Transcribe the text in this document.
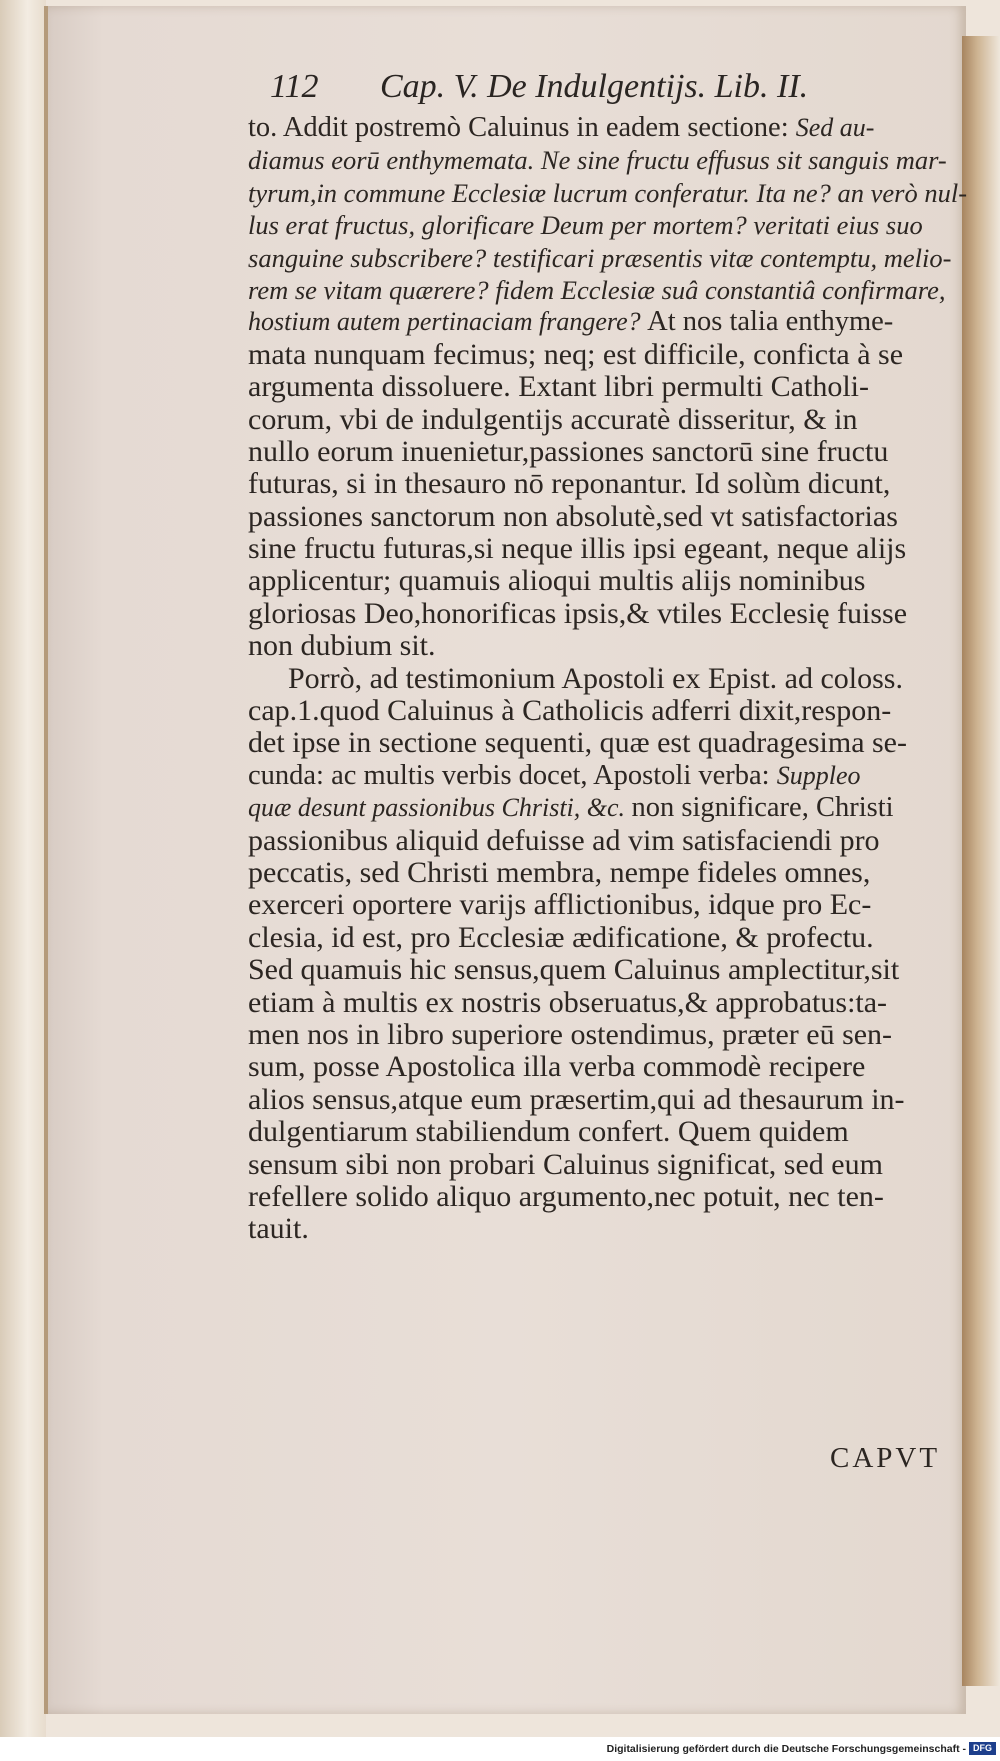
112 Cap. V. De Indulgentijs. Lib. II.
to. Addit postremò Caluinus in eadem sectione: Sed au-
diamus eorū enthymemata. Ne sine fructu effusus sit sanguis mar-
tyrum,in commune Ecclesiæ lucrum conferatur. Ita ne? an verò nul-
lus erat fructus, glorificare Deum per mortem? veritati eius suo
sanguine subscribere? testificari præsentis vitæ contemptu, melio-
rem se vitam quærere? fidem Ecclesiæ suâ constantiâ confirmare,
hostium autem pertinaciam frangere? At nos talia enthyme-
mata nunquam fecimus; neq; est difficile, conficta à se
argumenta dissoluere. Extant libri permulti Catholi-
corum, vbi de indulgentijs accuratè disseritur, & in
nullo eorum inuenietur,passiones sanctorū sine fructu
futuras, si in thesauro nō reponantur. Id solùm dicunt,
passiones sanctorum non absolutè,sed vt satisfactorias
sine fructu futuras,si neque illis ipsi egeant, neque alijs
applicentur; quamuis alioqui multis alijs nominibus
gloriosas Deo,honorificas ipsis,& vtiles Ecclesię fuisse
non dubium sit.
Porrò, ad testimonium Apostoli ex Epist. ad coloss.
cap.1.quod Caluinus à Catholicis adferri dixit,respon-
det ipse in sectione sequenti, quæ est quadragesima se-
cunda: ac multis verbis docet, Apostoli verba: Suppleo
quæ desunt passionibus Christi, &c. non significare, Christi
passionibus aliquid defuisse ad vim satisfaciendi pro
peccatis, sed Christi membra, nempe fideles omnes,
exerceri oportere varijs afflictionibus, idque pro Ec-
clesia, id est, pro Ecclesiæ ædificatione, & profectu.
Sed quamuis hic sensus,quem Caluinus amplectitur,sit
etiam à multis ex nostris obseruatus,& approbatus:ta-
men nos in libro superiore ostendimus, præter eū sen-
sum, posse Apostolica illa verba commodè recipere
alios sensus,atque eum præsertim,qui ad thesaurum in-
dulgentiarum stabiliendum confert. Quem quidem
sensum sibi non probari Caluinus significat, sed eum
refellere solido aliquo argumento,nec potuit, nec ten-
tauit.
CAPVT
Digitalisierung gefördert durch die Deutsche Forschungsgemeinschaft - DFG
